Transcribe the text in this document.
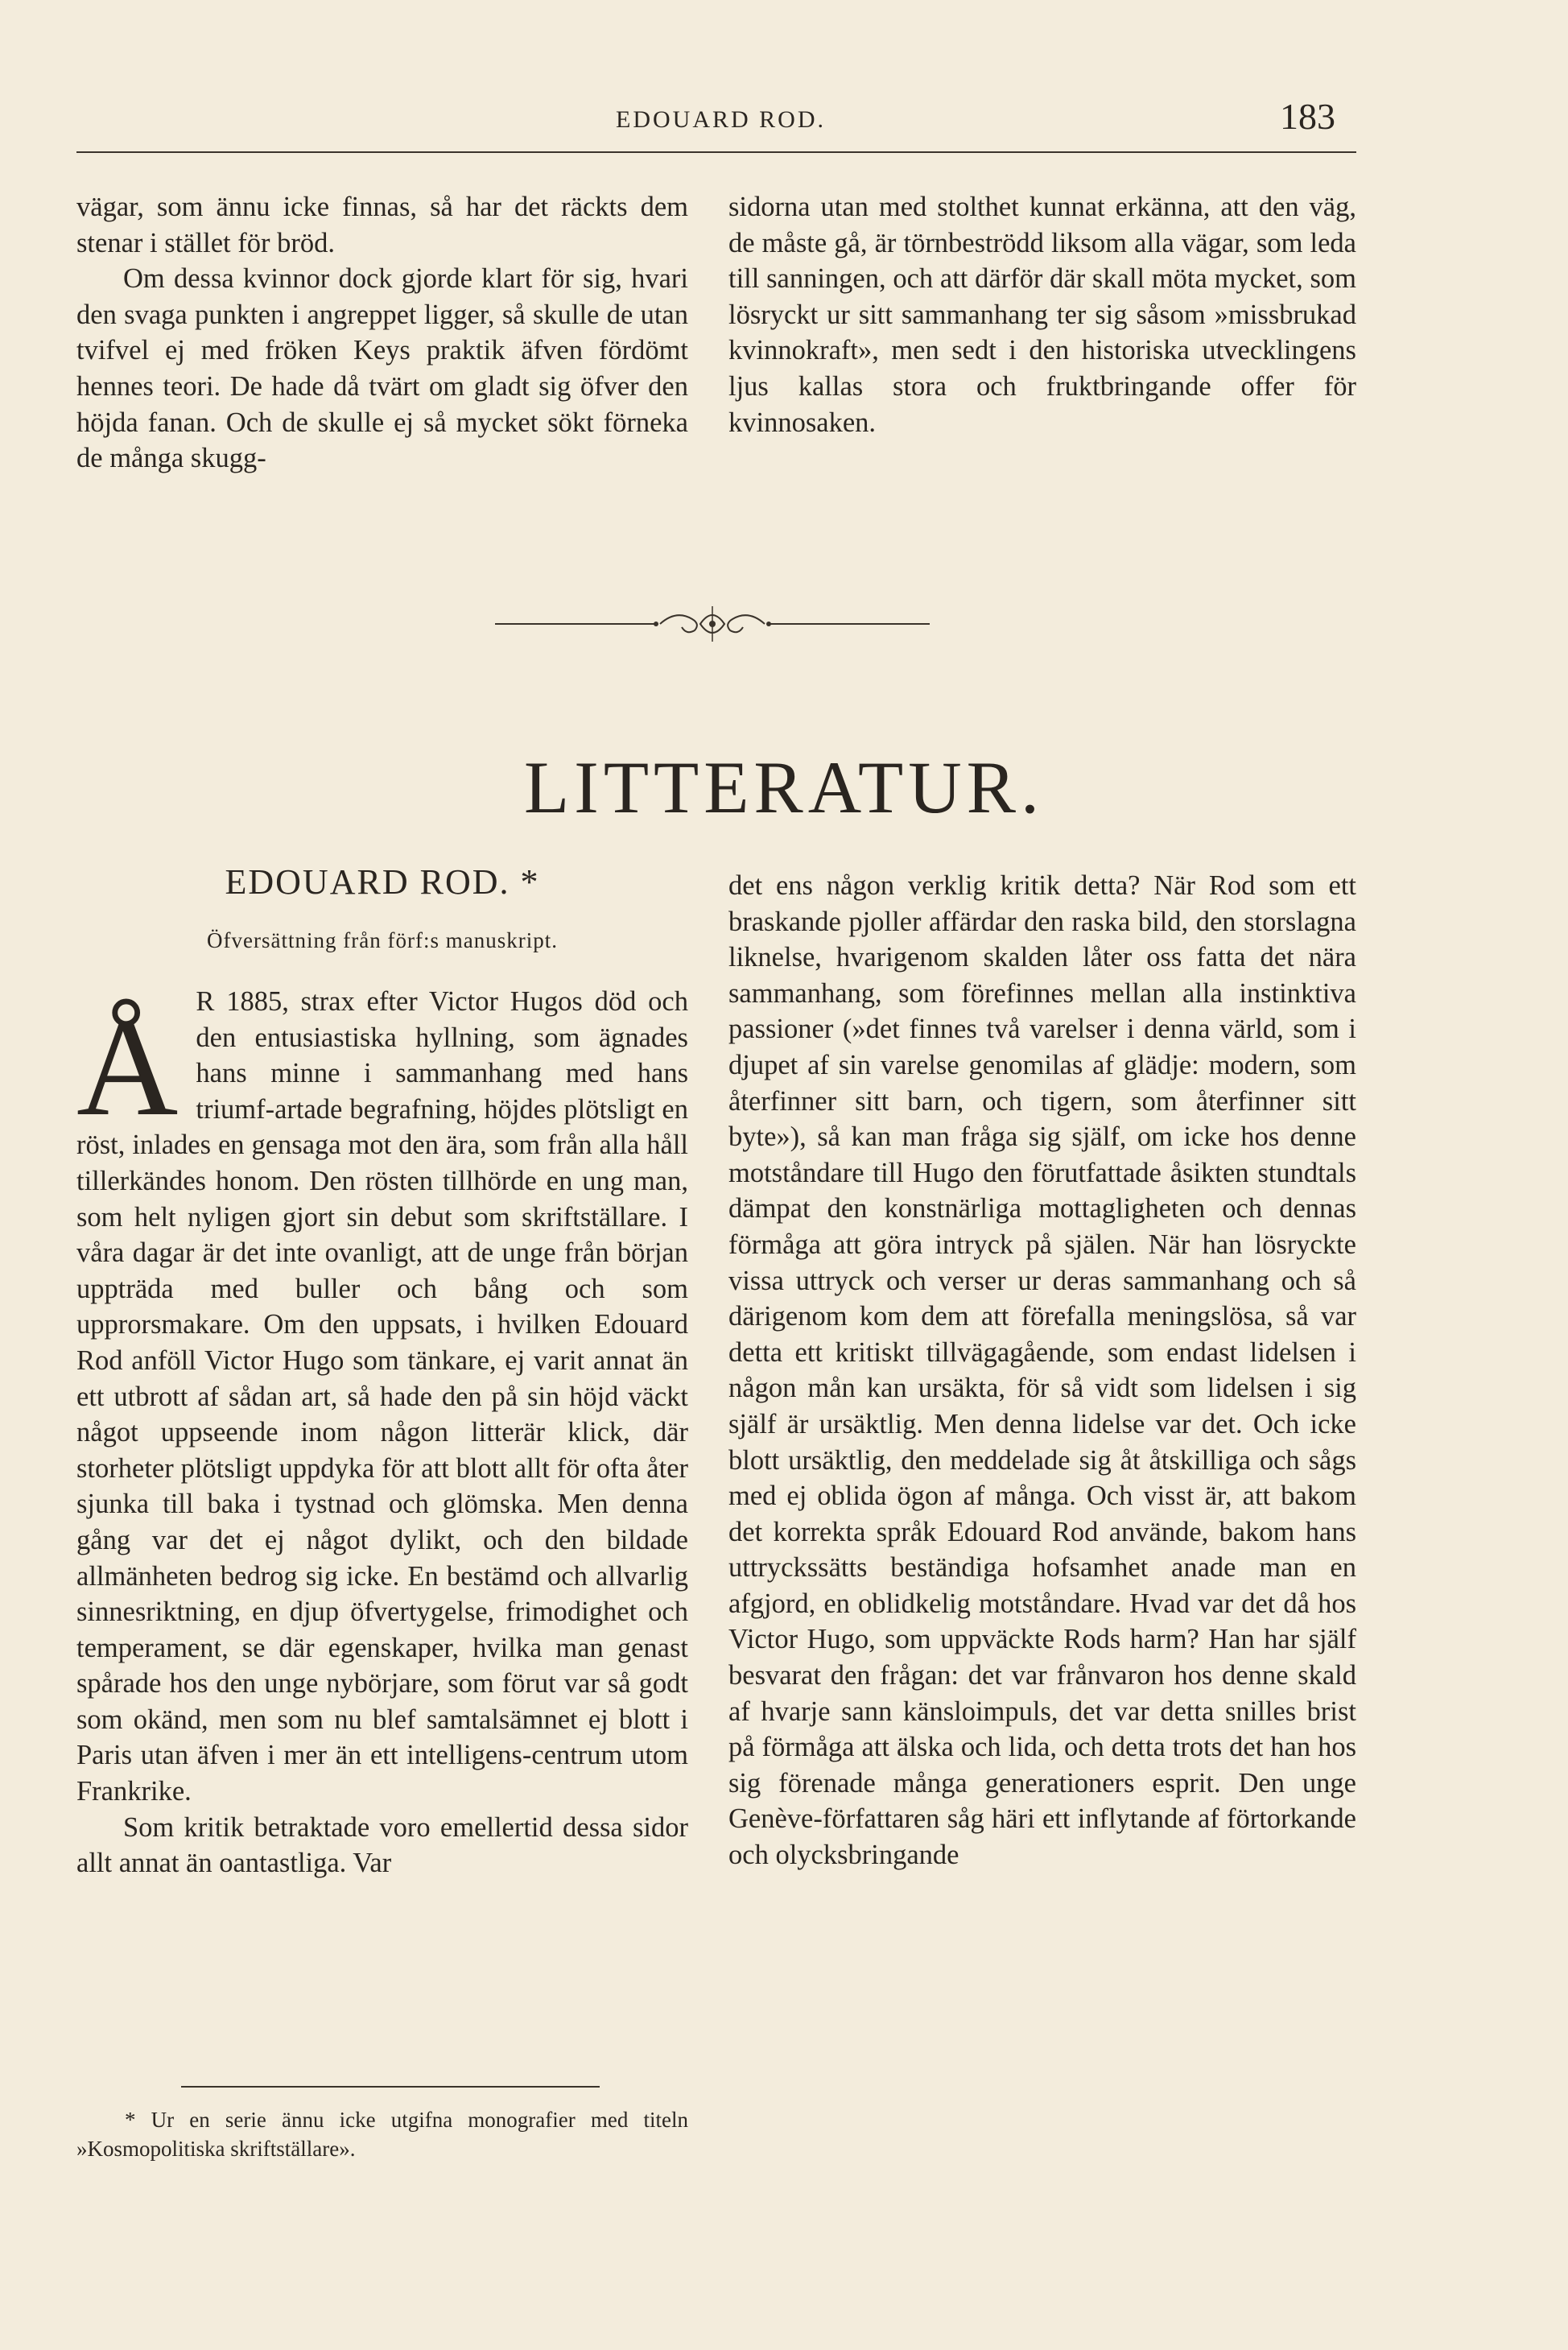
EDOUARD ROD.	183

vägar, som ännu icke finnas, så har det räckts dem stenar i stället för bröd.

Om dessa kvinnor dock gjorde klart för sig, hvari den svaga punkten i angreppet ligger, så skulle de utan tvifvel ej med fröken Keys praktik äfven fördömt hennes teori. De hade då tvärt om gladt sig öfver den höjda fanan. Och de skulle ej så mycket sökt förneka de många skugg-

sidorna utan med stolthet kunnat erkänna, att den väg, de måste gå, är törnbeströdd liksom alla vägar, som leda till sanningen, och att därför där skall möta mycket, som lösryckt ur sitt sammanhang ter sig såsom »missbrukad kvinnokraft», men sedt i den historiska utvecklingens ljus kallas stora och fruktbringande offer för kvinnosaken.

LITTERATUR.
EDOUARD ROD. *
Öfversättning från förf:s manuskript.

Å R 1885, strax efter Victor Hugos död och den entusiastiska hyllning, som ägnades hans minne i sammanhang med hans triumf-artade begrafning, höjdes plötsligt en röst, inlades en gensaga mot den ära, som från alla håll tillerkändes honom. Den rösten tillhörde en ung man, som helt nyligen gjort sin debut som skriftställare. I våra dagar är det inte ovanligt, att de unge från början uppträda med buller och bång och som upprorsmakare. Om den uppsats, i hvilken Edouard Rod anföll Victor Hugo som tänkare, ej varit annat än ett utbrott af sådan art, så hade den på sin höjd väckt något uppseende inom någon litterär klick, där storheter plötsligt uppdyka för att blott allt för ofta åter sjunka till baka i tystnad och glömska. Men denna gång var det ej något dylikt, och den bildade allmänheten bedrog sig icke. En bestämd och allvarlig sinnesriktning, en djup öfvertygelse, frimodighet och temperament, se där egenskaper, hvilka man genast spårade hos den unge nybörjare, som förut var så godt som okänd, men som nu blef samtalsämnet ej blott i Paris utan äfven i mer än ett intelligens-centrum utom Frankrike.

Som kritik betraktade voro emellertid dessa sidor allt annat än oantastliga. Var

det ens någon verklig kritik detta? När Rod som ett braskande pjoller affärdar den raska bild, den storslagna liknelse, hvarigenom skalden låter oss fatta det nära sammanhang, som förefinnes mellan alla instinktiva passioner (»det finnes två varelser i denna värld, som i djupet af sin varelse genomilas af glädje: modern, som återfinner sitt barn, och tigern, som återfinner sitt byte»), så kan man fråga sig själf, om icke hos denne motståndare till Hugo den förutfattade åsikten stundtals dämpat den konstnärliga mottagligheten och dennas förmåga att göra intryck på själen. När han lösryckte vissa uttryck och verser ur deras sammanhang och så därigenom kom dem att förefalla meningslösa, så var detta ett kritiskt tillvägagående, som endast lidelsen i någon mån kan ursäkta, för så vidt som lidelsen i sig själf är ursäktlig. Men denna lidelse var det. Och icke blott ursäktlig, den meddelade sig åt åtskilliga och sågs med ej oblida ögon af många. Och visst är, att bakom det korrekta språk Edouard Rod använde, bakom hans uttryckssätts beständiga hofsamhet anade man en afgjord, en oblidkelig motståndare. Hvad var det då hos Victor Hugo, som uppväckte Rods harm? Han har själf besvarat den frågan: det var frånvaron hos denne skald af hvarje sann känsloimpuls, det var detta snilles brist på förmåga att älska och lida, och detta trots det han hos sig förenade många generationers esprit. Den unge Genève-författaren såg häri ett inflytande af förtorkande och olycksbringande

* Ur en serie ännu icke utgifna monografier med titeln »Kosmopolitiska skriftställare».
